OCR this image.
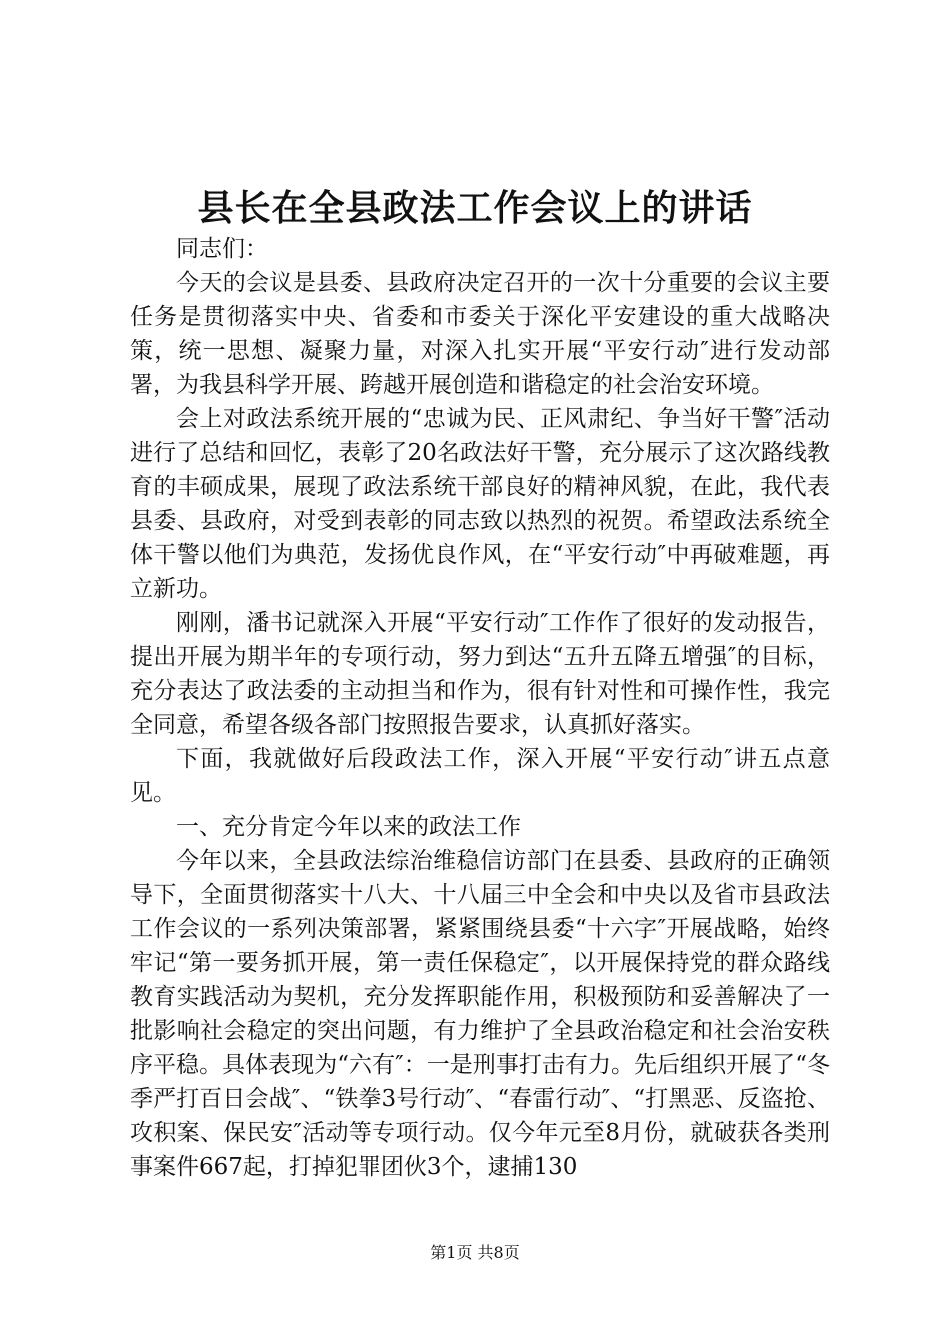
县长在全县政法工作会议上的讲话

同志们：

今天的会议是县委、县政府决定召开的一次十分重要的会议主要任务是贯彻落实中央、省委和市委关于深化平安建设的重大战略决策，统一思想、凝聚力量，对深入扎实开展“平安行动″进行发动部署，为我县科学开展、跨越开展创造和谐稳定的社会治安环境。

会上对政法系统开展的“忠诚为民、正风肃纪、争当好干警″活动进行了总结和回忆，表彰了20名政法好干警，充分展示了这次路线教育的丰硕成果，展现了政法系统干部良好的精神风貌，在此，我代表县委、县政府，对受到表彰的同志致以热烈的祝贺。希望政法系统全体干警以他们为典范，发扬优良作风，在“平安行动″中再破难题，再立新功。

刚刚，潘书记就深入开展“平安行动″工作作了很好的发动报告，提出开展为期半年的专项行动，努力到达“五升五降五增强″的目标，充分表达了政法委的主动担当和作为，很有针对性和可操作性，我完全同意，希望各级各部门按照报告要求，认真抓好落实。

下面，我就做好后段政法工作，深入开展“平安行动″讲五点意见。

一、充分肯定今年以来的政法工作

今年以来，全县政法综治维稳信访部门在县委、县政府的正确领导下，全面贯彻落实十八大、十八届三中全会和中央以及省市县政法工作会议的一系列决策部署，紧紧围绕县委“十六字″开展战略，始终牢记“第一要务抓开展，第一责任保稳定″，以开展保持党的群众路线教育实践活动为契机，充分发挥职能作用，积极预防和妥善解决了一批影响社会稳定的突出问题，有力维护了全县政治稳定和社会治安秩序平稳。具体表现为“六有″：一是刑事打击有力。先后组织开展了“冬季严打百日会战″、“铁拳3号行动″、“春雷行动″、“打黑恶、反盗抢、攻积案、保民安″活动等专项行动。仅今年元至8月份，就破获各类刑事案件667起，打掉犯罪团伙3个，逮捕130

第1页 共8页
